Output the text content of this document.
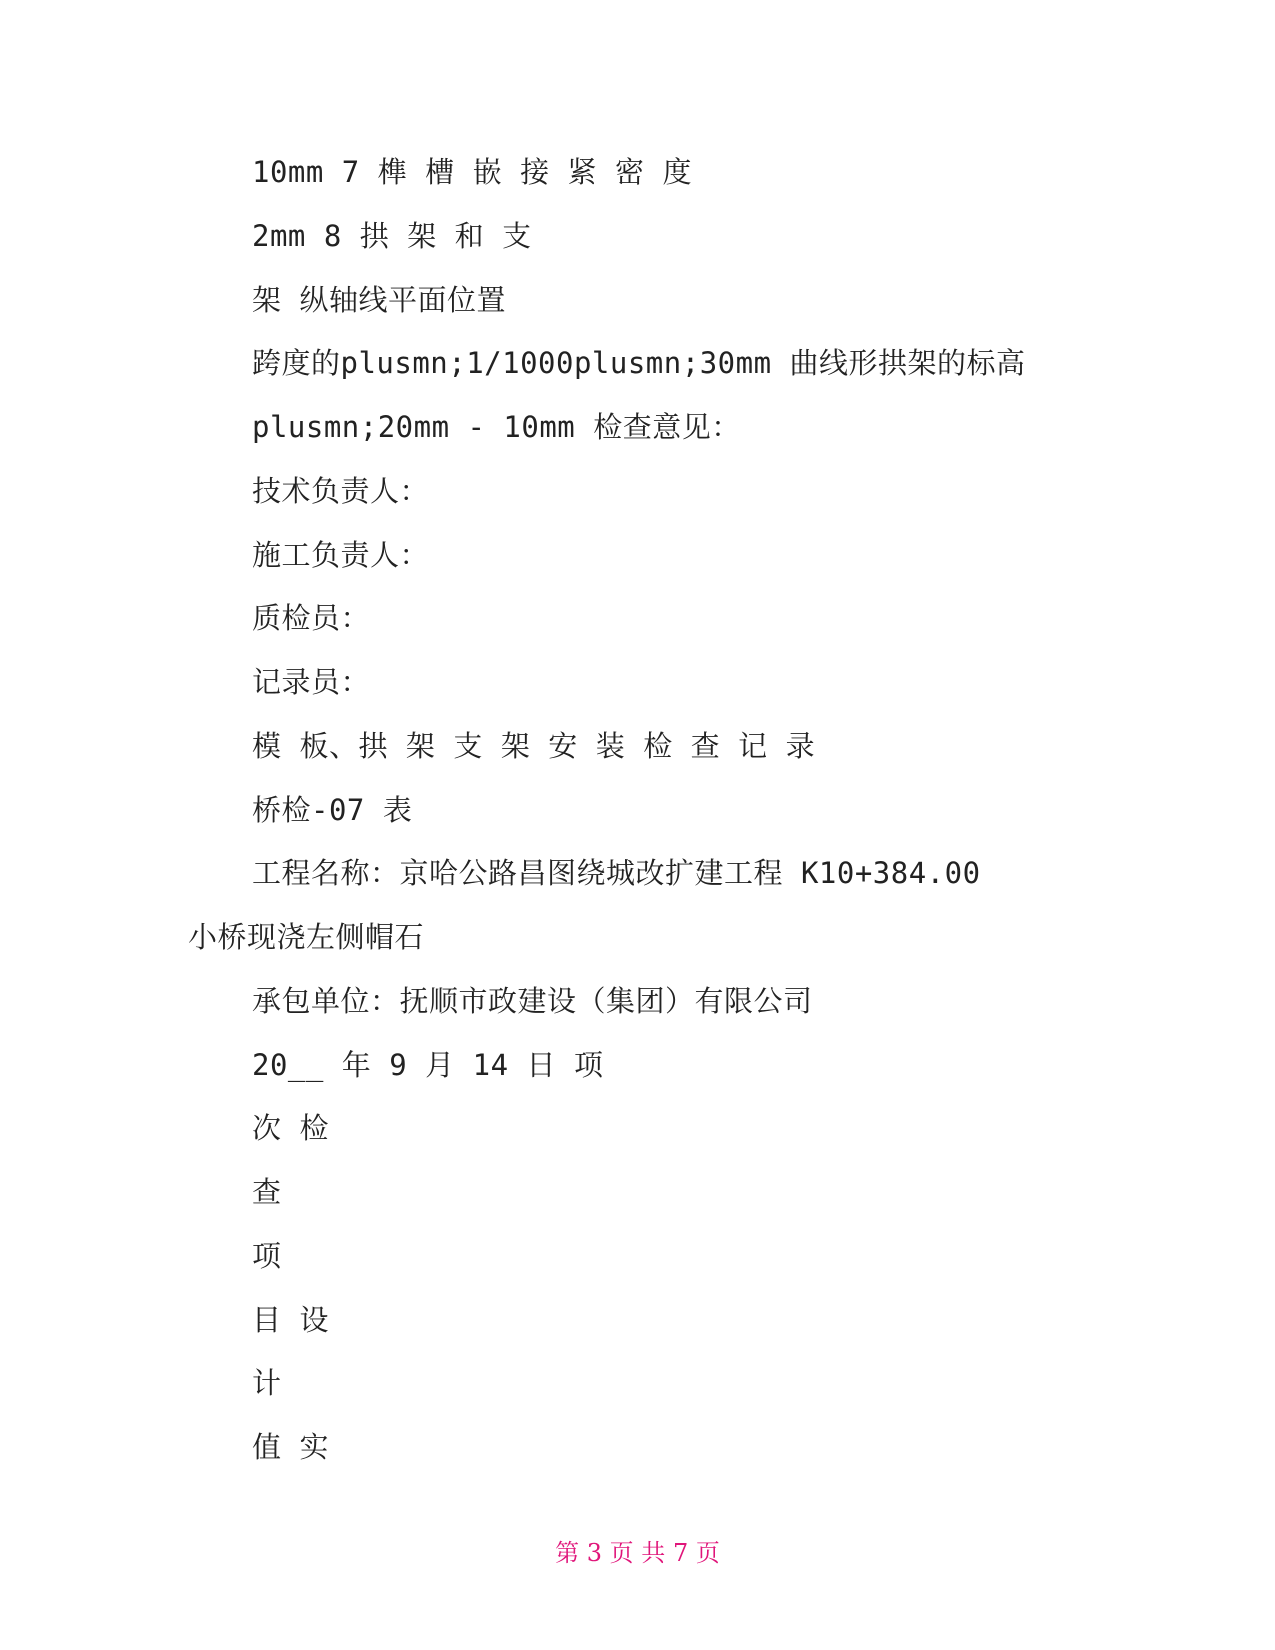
10mm 7 榫 槽 嵌 接 紧 密 度
2mm 8 拱 架 和 支
架 纵轴线平面位置
跨度的plusmn;1/1000plusmn;30mm 曲线形拱架的标高
plusmn;20mm - 10mm 检查意见：
技术负责人：
施工负责人：
质检员：
记录员：
模 板、拱 架 支 架 安 装 检 查 记 录
桥检-07 表
工程名称：京哈公路昌图绕城改扩建工程 K10+384.00
小桥现浇左侧帽石
承包单位：抚顺市政建设（集团）有限公司
20__ 年 9 月 14 日 项
次 检
查
项
目 设
计
值 实
第 3 页 共 7 页
